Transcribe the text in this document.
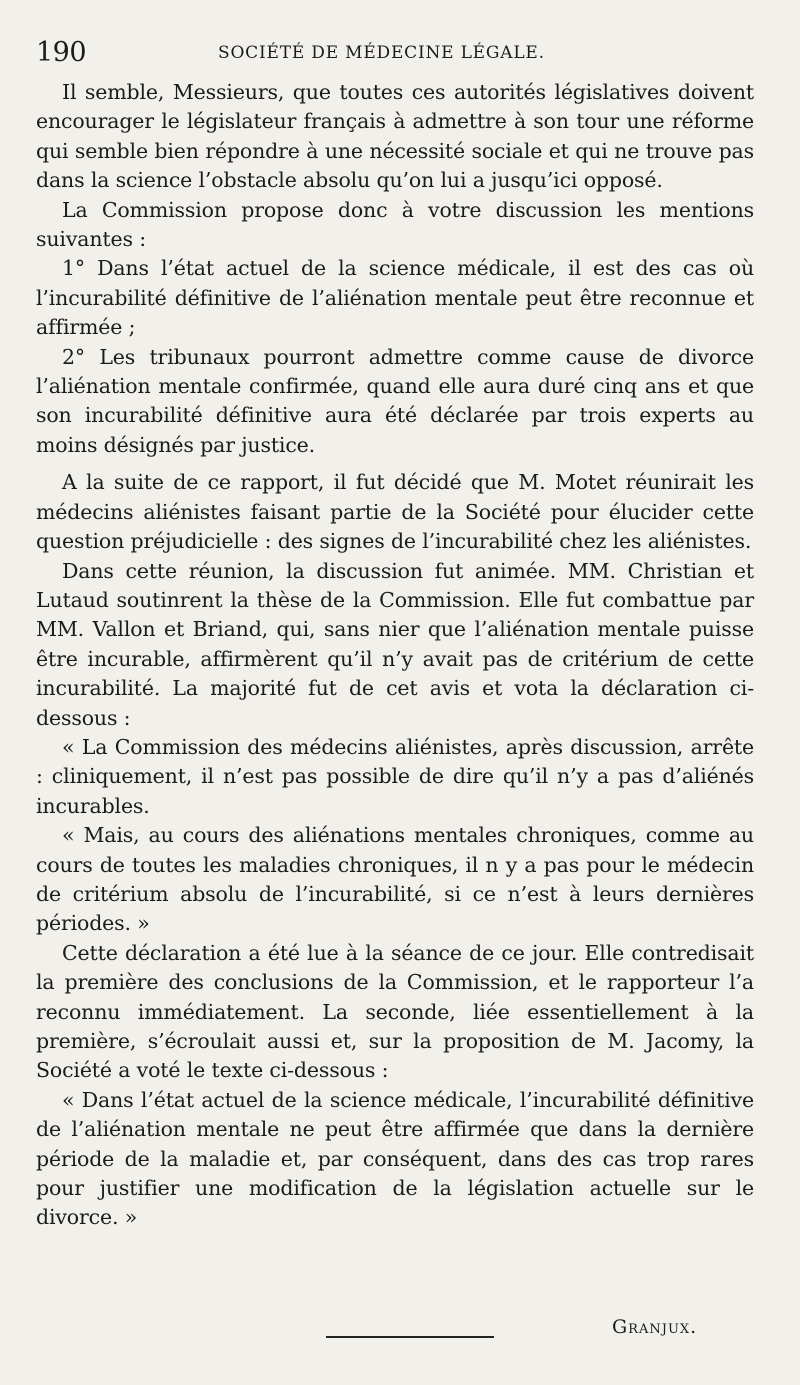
190	SOCIÉTÉ DE MÉDECINE LÉGALE.

Il semble, Messieurs, que toutes ces autorités législatives doivent encourager le législateur français à admettre à son tour une réforme qui semble bien répondre à une nécessité sociale et qui ne trouve pas dans la science l’obstacle absolu qu’on lui a jusqu’ici opposé.

La Commission propose donc à votre discussion les mentions suivantes :

1° Dans l’état actuel de la science médicale, il est des cas où l’incurabilité définitive de l’aliénation mentale peut être reconnue et affirmée ;

2° Les tribunaux pourront admettre comme cause de divorce l’aliénation mentale confirmée, quand elle aura duré cinq ans et que son incurabilité définitive aura été déclarée par trois experts au moins désignés par justice.

A la suite de ce rapport, il fut décidé que M. Motet réunirait les médecins aliénistes faisant partie de la Société pour élucider cette question préjudicielle : des signes de l’incurabilité chez les aliénistes.

Dans cette réunion, la discussion fut animée. MM. Christian et Lutaud soutinrent la thèse de la Commission. Elle fut combattue par MM. Vallon et Briand, qui, sans nier que l’aliénation mentale puisse être incurable, affirmèrent qu’il n’y avait pas de critérium de cette incurabilité. La majorité fut de cet avis et vota la déclaration ci-dessous :

« La Commission des médecins aliénistes, après discussion, arrête : cliniquement, il n’est pas possible de dire qu’il n’y a pas d’aliénés incurables.

« Mais, au cours des aliénations mentales chroniques, comme au cours de toutes les maladies chroniques, il n y a pas pour le médecin de critérium absolu de l’incurabilité, si ce n’est à leurs dernières périodes. »

Cette déclaration a été lue à la séance de ce jour. Elle contredisait la première des conclusions de la Commission, et le rapporteur l’a reconnu immédiatement. La seconde, liée essentiellement à la première, s’écroulait aussi et, sur la proposition de M. Jacomy, la Société a voté le texte ci-dessous :

« Dans l’état actuel de la science médicale, l’incurabilité définitive de l’aliénation mentale ne peut être affirmée que dans la dernière période de la maladie et, par conséquent, dans des cas trop rares pour justifier une modification de la législation actuelle sur le divorce. »

Granjux.
